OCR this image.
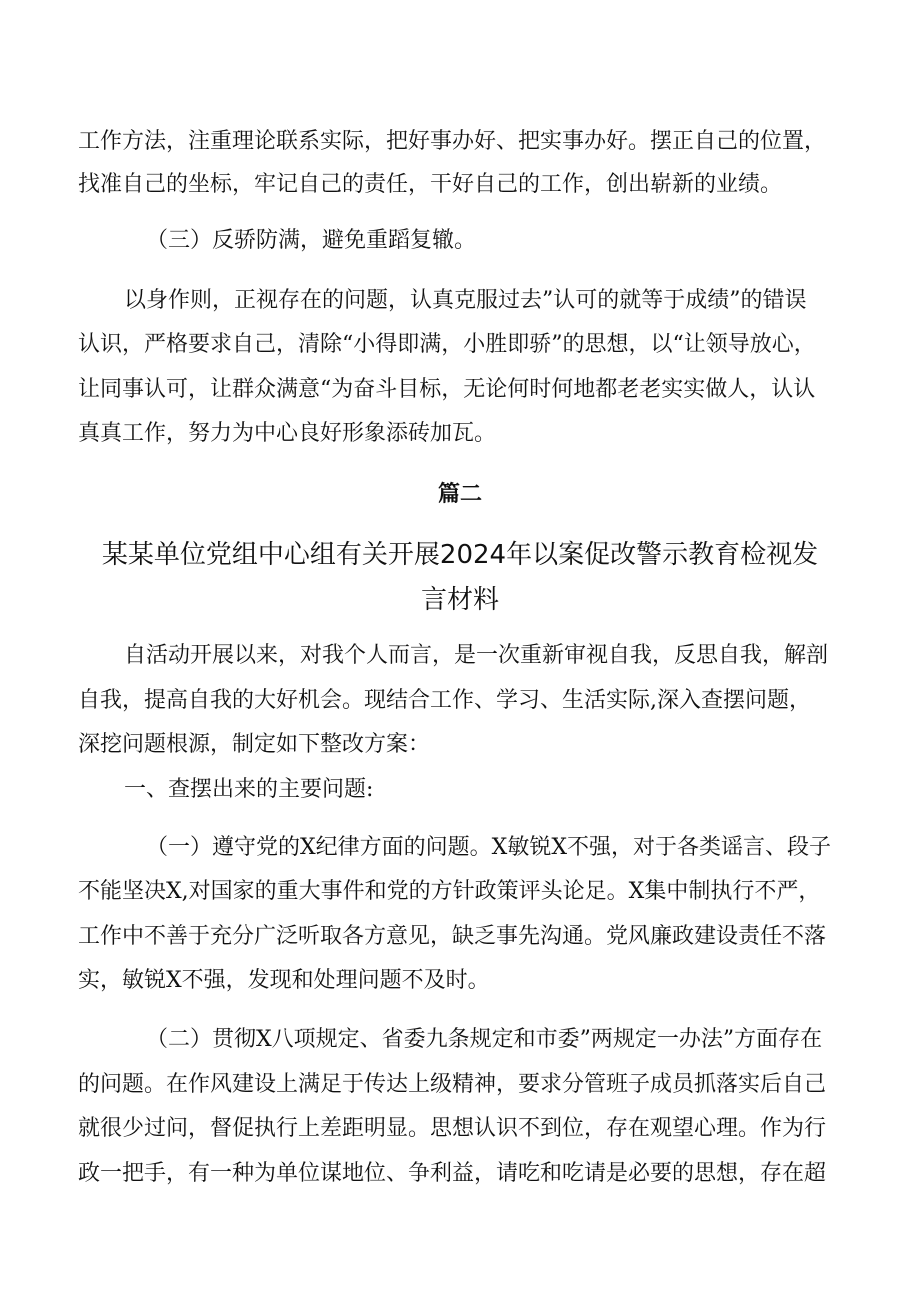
工作方法，注重理论联系实际，把好事办好、把实事办好。摆正自己的位置，
找准自己的坐标，牢记自己的责任，干好自己的工作，创出崭新的业绩。
（三）反骄防满，避免重蹈复辙。
以身作则，正视存在的问题，认真克服过去”认可的就等于成绩”的错误
认识，严格要求自己，清除“小得即满，小胜即骄”的思想，以“让领导放心，
让同事认可，让群众满意“为奋斗目标，无论何时何地都老老实实做人，认认
真真工作，努力为中心良好形象添砖加瓦。
篇二
某某单位党组中心组有关开展2024年以案促改警示教育检视发
言材料
自活动开展以来，对我个人而言，是一次重新审视自我，反思自我，解剖
自我，提高自我的大好机会。现结合工作、学习、生活实际,深入查摆问题，
深挖问题根源，制定如下整改方案：
一、查摆出来的主要问题:
（一）遵守党的X纪律方面的问题。X敏锐X不强，对于各类谣言、段子
不能坚决X,对国家的重大事件和党的方针政策评头论足。X集中制执行不严，
工作中不善于充分广泛听取各方意见，缺乏事先沟通。党风廉政建设责任不落
实，敏锐X不强，发现和处理问题不及时。
（二）贯彻X八项规定、省委九条规定和市委”两规定一办法”方面存在
的问题。在作风建设上满足于传达上级精神，要求分管班子成员抓落实后自己
就很少过问，督促执行上差距明显。思想认识不到位，存在观望心理。作为行
政一把手，有一种为单位谋地位、争利益，请吃和吃请是必要的思想，存在超
